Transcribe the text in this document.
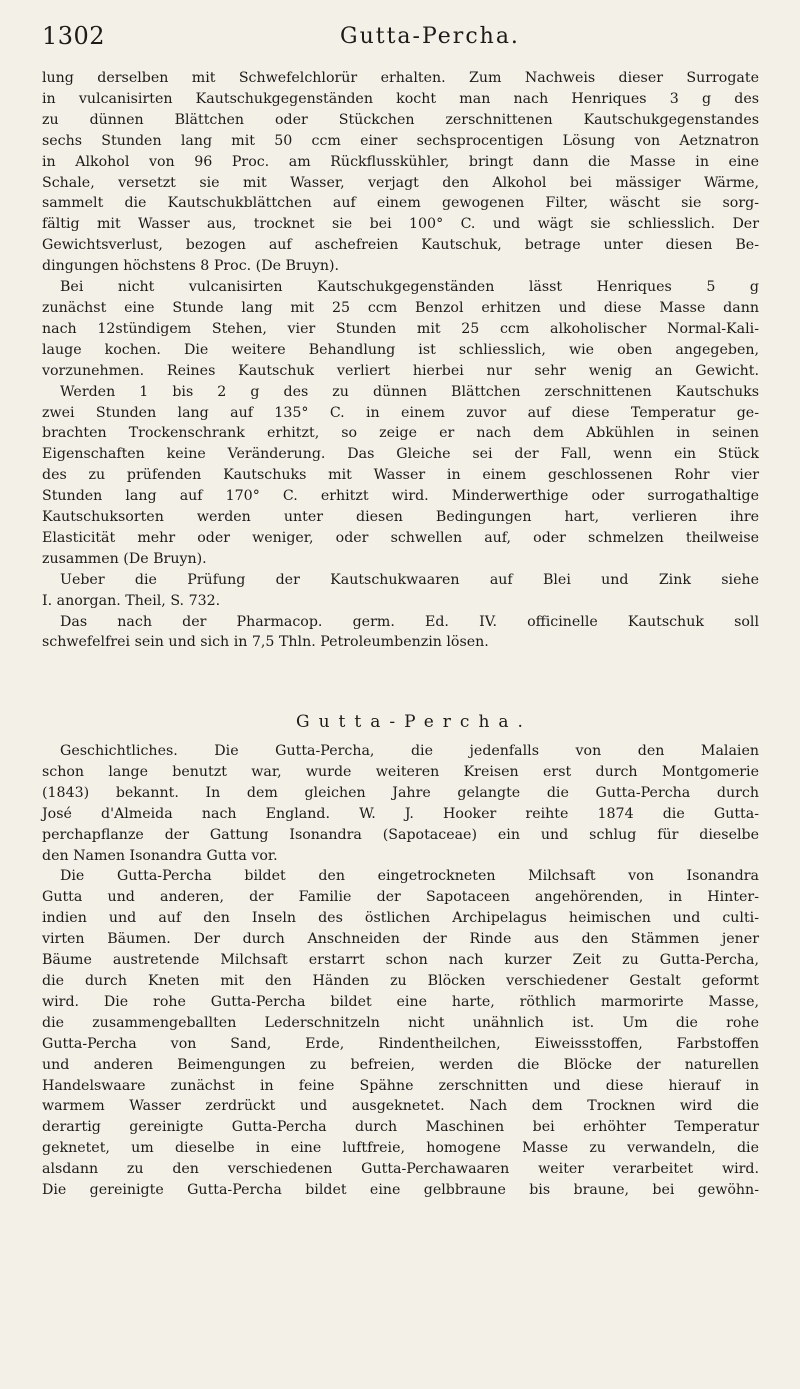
1302	Gutta-Percha.
lung derselben mit Schwefelchlorür erhalten. Zum Nachweis dieser Surrogate
in vulcanisirten Kautschukgegenständen kocht man nach Henriques 3 g des
zu dünnen Blättchen oder Stückchen zerschnittenen Kautschukgegenstandes
sechs Stunden lang mit 50 ccm einer sechsprocentigen Lösung von Aetznatron
in Alkohol von 96 Proc. am Rückflusskühler, bringt dann die Masse in eine
Schale, versetzt sie mit Wasser, verjagt den Alkohol bei mässiger Wärme,
sammelt die Kautschukblättchen auf einem gewogenen Filter, wäscht sie sorg-
fältig mit Wasser aus, trocknet sie bei 100° C. und wägt sie schliesslich. Der
Gewichtsverlust, bezogen auf aschefreien Kautschuk, betrage unter diesen Be-
dingungen höchstens 8 Proc. (De Bruyn).
Bei nicht vulcanisirten Kautschukgegenständen lässt Henriques 5 g
zunächst eine Stunde lang mit 25 ccm Benzol erhitzen und diese Masse dann
nach 12stündigem Stehen, vier Stunden mit 25 ccm alkoholischer Normal-Kali-
lauge kochen. Die weitere Behandlung ist schliesslich, wie oben angegeben,
vorzunehmen. Reines Kautschuk verliert hierbei nur sehr wenig an Gewicht.
Werden 1 bis 2 g des zu dünnen Blättchen zerschnittenen Kautschuks
zwei Stunden lang auf 135° C. in einem zuvor auf diese Temperatur ge-
brachten Trockenschrank erhitzt, so zeige er nach dem Abkühlen in seinen
Eigenschaften keine Veränderung. Das Gleiche sei der Fall, wenn ein Stück
des zu prüfenden Kautschuks mit Wasser in einem geschlossenen Rohr vier
Stunden lang auf 170° C. erhitzt wird. Minderwerthige oder surrogathaltige
Kautschuksorten werden unter diesen Bedingungen hart, verlieren ihre
Elasticität mehr oder weniger, oder schwellen auf, oder schmelzen theilweise
zusammen (De Bruyn).
Ueber die Prüfung der Kautschukwaaren auf Blei und Zink siehe
I. anorgan. Theil, S. 732.
Das nach der Pharmacop. germ. Ed. IV. officinelle Kautschuk soll
schwefelfrei sein und sich in 7,5 Thln. Petroleumbenzin lösen.
Gutta-Percha.
Geschichtliches. Die Gutta-Percha, die jedenfalls von den Malaien
schon lange benutzt war, wurde weiteren Kreisen erst durch Montgomerie
(1843) bekannt. In dem gleichen Jahre gelangte die Gutta-Percha durch
José d'Almeida nach England. W. J. Hooker reihte 1874 die Gutta-
perchapflanze der Gattung Isonandra (Sapotaceae) ein und schlug für dieselbe
den Namen Isonandra Gutta vor.
Die Gutta-Percha bildet den eingetrockneten Milchsaft von Isonandra
Gutta und anderen, der Familie der Sapotaceen angehörenden, in Hinter-
indien und auf den Inseln des östlichen Archipelagus heimischen und culti-
virten Bäumen. Der durch Anschneiden der Rinde aus den Stämmen jener
Bäume austretende Milchsaft erstarrt schon nach kurzer Zeit zu Gutta-Percha,
die durch Kneten mit den Händen zu Blöcken verschiedener Gestalt geformt
wird. Die rohe Gutta-Percha bildet eine harte, röthlich marmorirte Masse,
die zusammengeballten Lederschnitzeln nicht unähnlich ist. Um die rohe
Gutta-Percha von Sand, Erde, Rindentheilchen, Eiweissstoffen, Farbstoffen
und anderen Beimengungen zu befreien, werden die Blöcke der naturellen
Handelswaare zunächst in feine Spähne zerschnitten und diese hierauf in
warmem Wasser zerdrückt und ausgeknetet. Nach dem Trocknen wird die
derartig gereinigte Gutta-Percha durch Maschinen bei erhöhter Temperatur
geknetet, um dieselbe in eine luftfreie, homogene Masse zu verwandeln, die
alsdann zu den verschiedenen Gutta-Perchawaaren weiter verarbeitet wird.
Die gereinigte Gutta-Percha bildet eine gelbbraune bis braune, bei gewöhn-
